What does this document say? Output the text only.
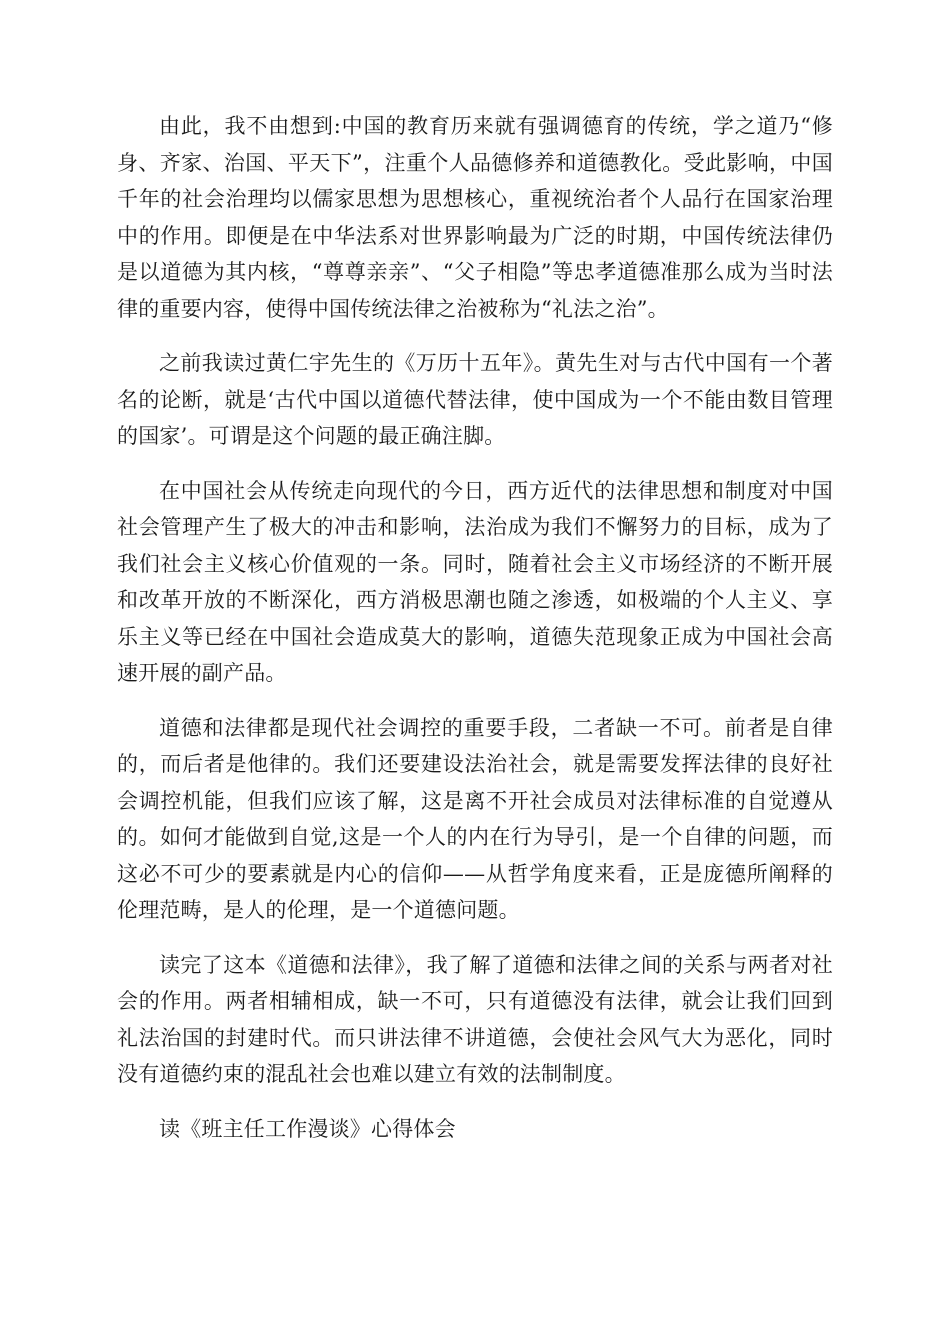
由此，我不由想到:中国的教育历来就有强调德育的传统，学之道乃“修身、齐家、治国、平天下”，注重个人品德修养和道德教化。受此影响，中国千年的社会治理均以儒家思想为思想核心，重视统治者个人品行在国家治理中的作用。即便是在中华法系对世界影响最为广泛的时期，中国传统法律仍是以道德为其内核，“尊尊亲亲”、“父子相隐”等忠孝道德准那么成为当时法律的重要内容，使得中国传统法律之治被称为“礼法之治”。

之前我读过黄仁宇先生的《万历十五年》。黄先生对与古代中国有一个著名的论断，就是‘古代中国以道德代替法律，使中国成为一个不能由数目管理的国家’。可谓是这个问题的最正确注脚。

在中国社会从传统走向现代的今日，西方近代的法律思想和制度对中国社会管理产生了极大的冲击和影响，法治成为我们不懈努力的目标，成为了我们社会主义核心价值观的一条。同时，随着社会主义市场经济的不断开展和改革开放的不断深化，西方消极思潮也随之渗透，如极端的个人主义、享乐主义等已经在中国社会造成莫大的影响，道德失范现象正成为中国社会高速开展的副产品。

道德和法律都是现代社会调控的重要手段，二者缺一不可。前者是自律的，而后者是他律的。我们还要建设法治社会，就是需要发挥法律的良好社会调控机能，但我们应该了解，这是离不开社会成员对法律标准的自觉遵从的。如何才能做到自觉,这是一个人的内在行为导引，是一个自律的问题，而这必不可少的要素就是内心的信仰——从哲学角度来看，正是庞德所阐释的伦理范畴，是人的伦理，是一个道德问题。

读完了这本《道德和法律》，我了解了道德和法律之间的关系与两者对社会的作用。两者相辅相成，缺一不可，只有道德没有法律，就会让我们回到礼法治国的封建时代。而只讲法律不讲道德，会使社会风气大为恶化，同时没有道德约束的混乱社会也难以建立有效的法制制度。

读《班主任工作漫谈》心得体会
